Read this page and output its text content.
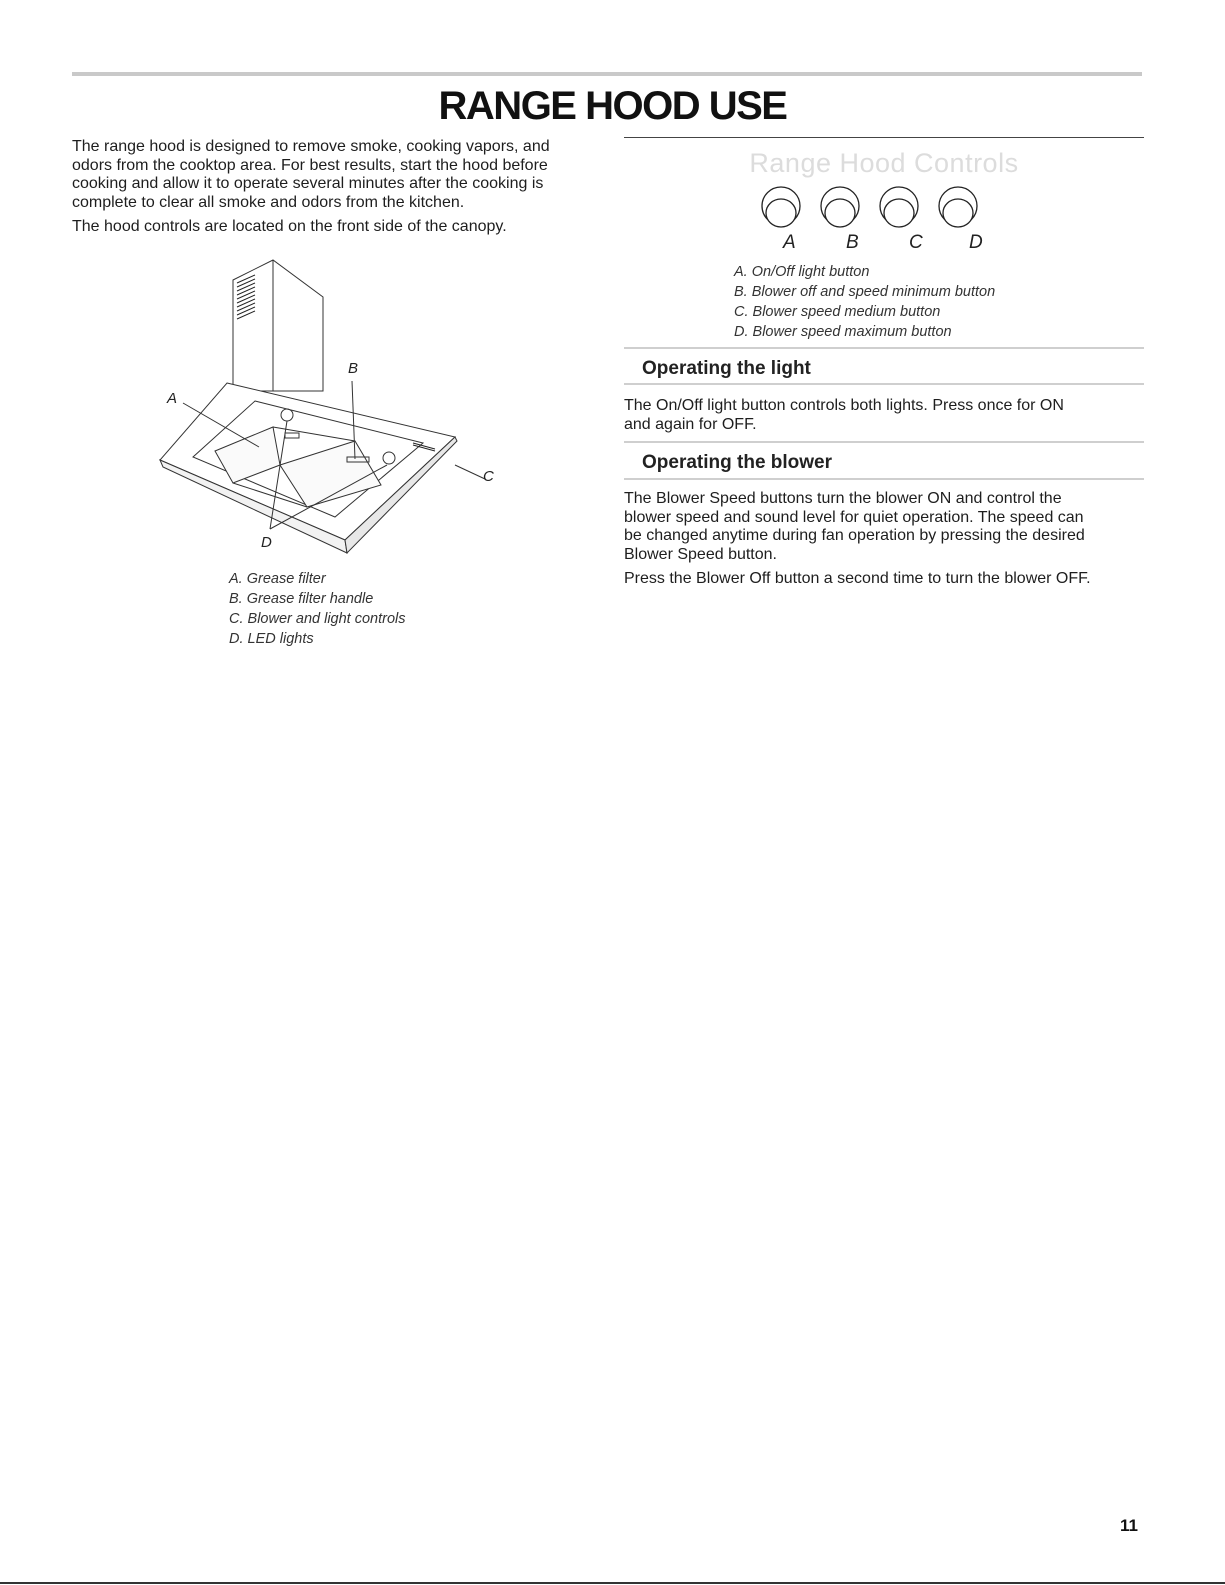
RANGE HOOD USE

The range hood is designed to remove smoke, cooking vapors, and odors from the cooktop area. For best results, start the hood before cooking and allow it to operate several minutes after the cooking is complete to clear all smoke and odors from the kitchen.

The hood controls are located on the front side of the canopy.

A
B
C
D
A. Grease filter
B. Grease filter handle
C. Blower and light controls
D. LED lights
Range Hood Controls
A	B	C D
A. On/Off light button
B. Blower off and speed minimum button
C. Blower speed medium button
D. Blower speed maximum button
Operating the light

The On/Off light button controls both lights. Press once for ON and again for OFF.

Operating the blower

The Blower Speed buttons turn the blower ON and control the blower speed and sound level for quiet operation. The speed can be changed anytime during fan operation by pressing the desired Blower Speed button.

Press the Blower Off button a second time to turn the blower OFF.

11
